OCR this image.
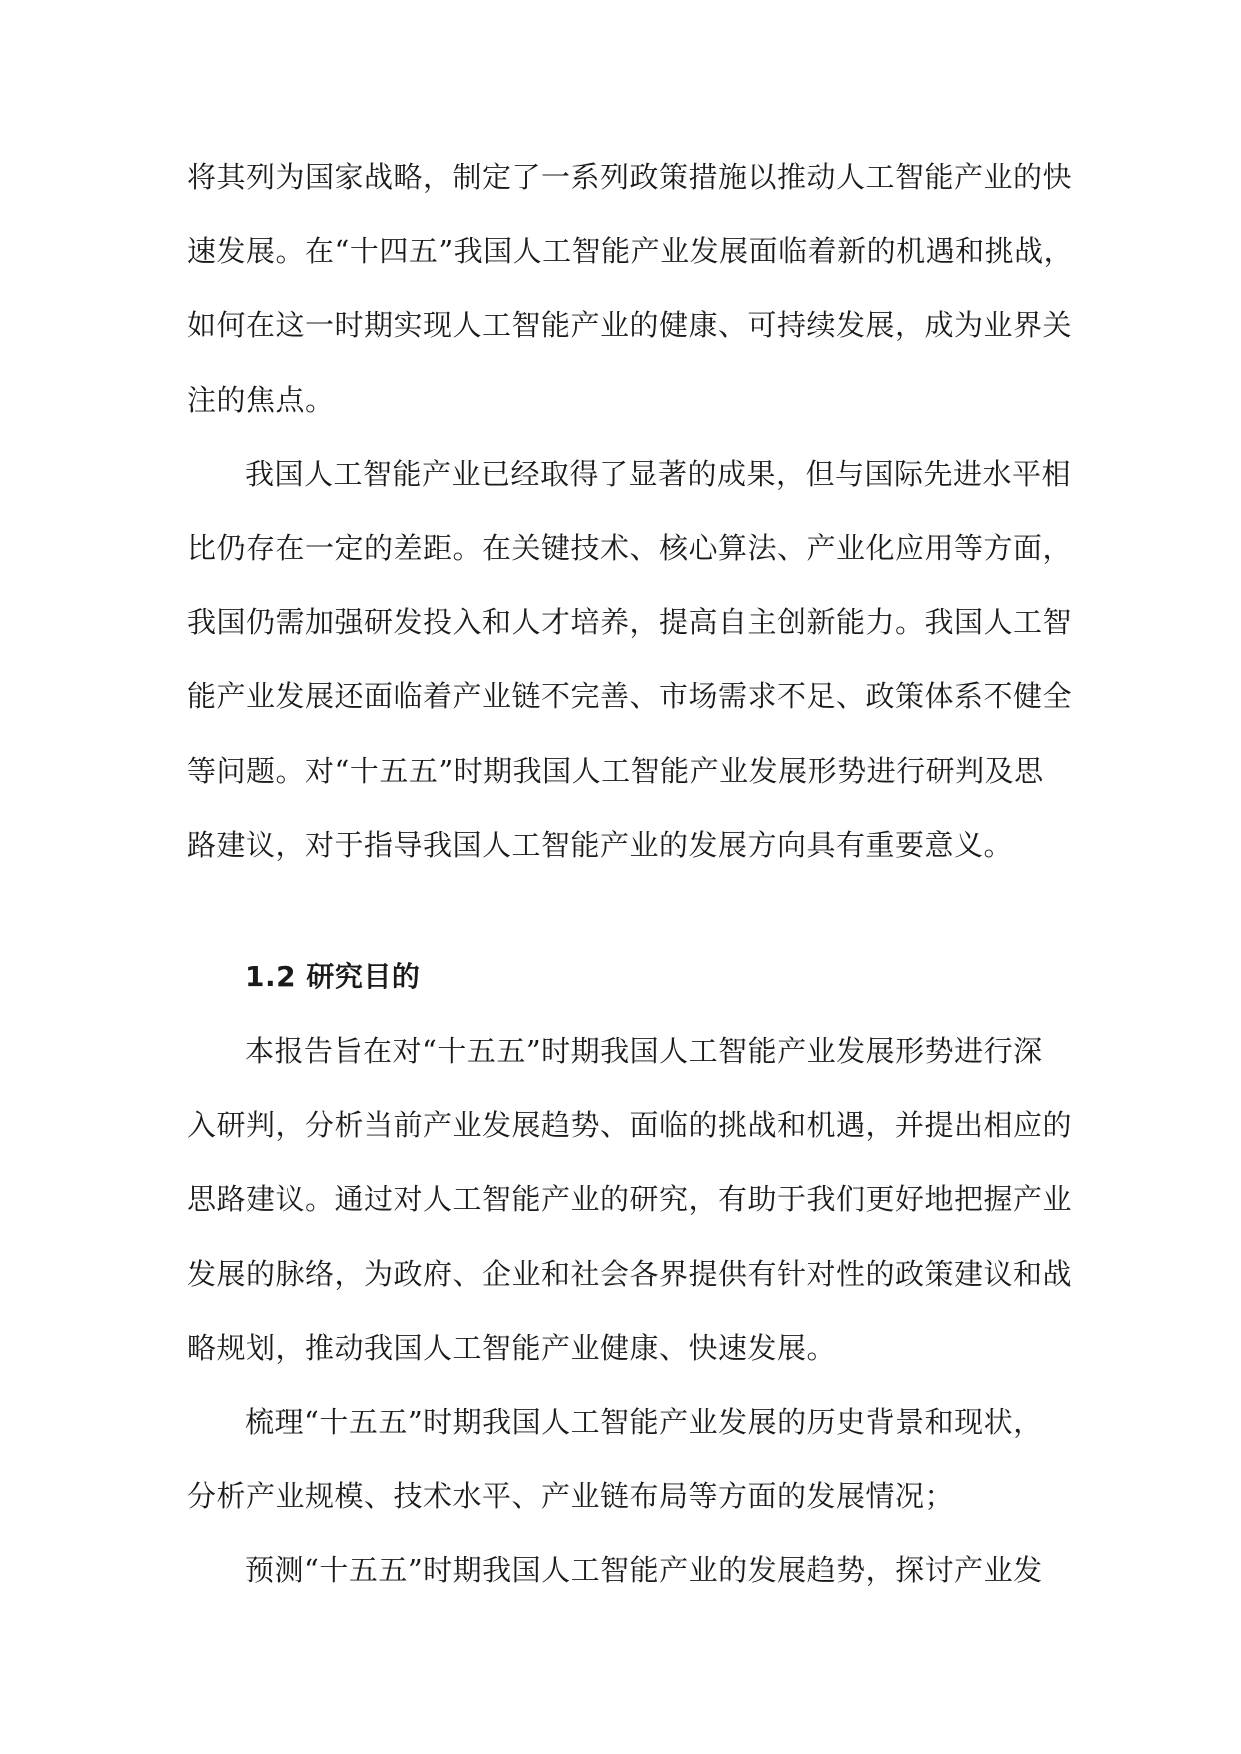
将其列为国家战略，制定了一系列政策措施以推动人工智能产业的快
速发展。在“十四五”我国人工智能产业发展面临着新的机遇和挑战，
如何在这一时期实现人工智能产业的健康、可持续发展，成为业界关
注的焦点。
我国人工智能产业已经取得了显著的成果，但与国际先进水平相
比仍存在一定的差距。在关键技术、核心算法、产业化应用等方面，
我国仍需加强研发投入和人才培养，提高自主创新能力。我国人工智
能产业发展还面临着产业链不完善、市场需求不足、政策体系不健全
等问题。对“十五五”时期我国人工智能产业发展形势进行研判及思
路建议，对于指导我国人工智能产业的发展方向具有重要意义。
1.2 研究目的
本报告旨在对“十五五”时期我国人工智能产业发展形势进行深
入研判，分析当前产业发展趋势、面临的挑战和机遇，并提出相应的
思路建议。通过对人工智能产业的研究，有助于我们更好地把握产业
发展的脉络，为政府、企业和社会各界提供有针对性的政策建议和战
略规划，推动我国人工智能产业健康、快速发展。
梳理“十五五”时期我国人工智能产业发展的历史背景和现状，
分析产业规模、技术水平、产业链布局等方面的发展情况；
预测“十五五”时期我国人工智能产业的发展趋势，探讨产业发
